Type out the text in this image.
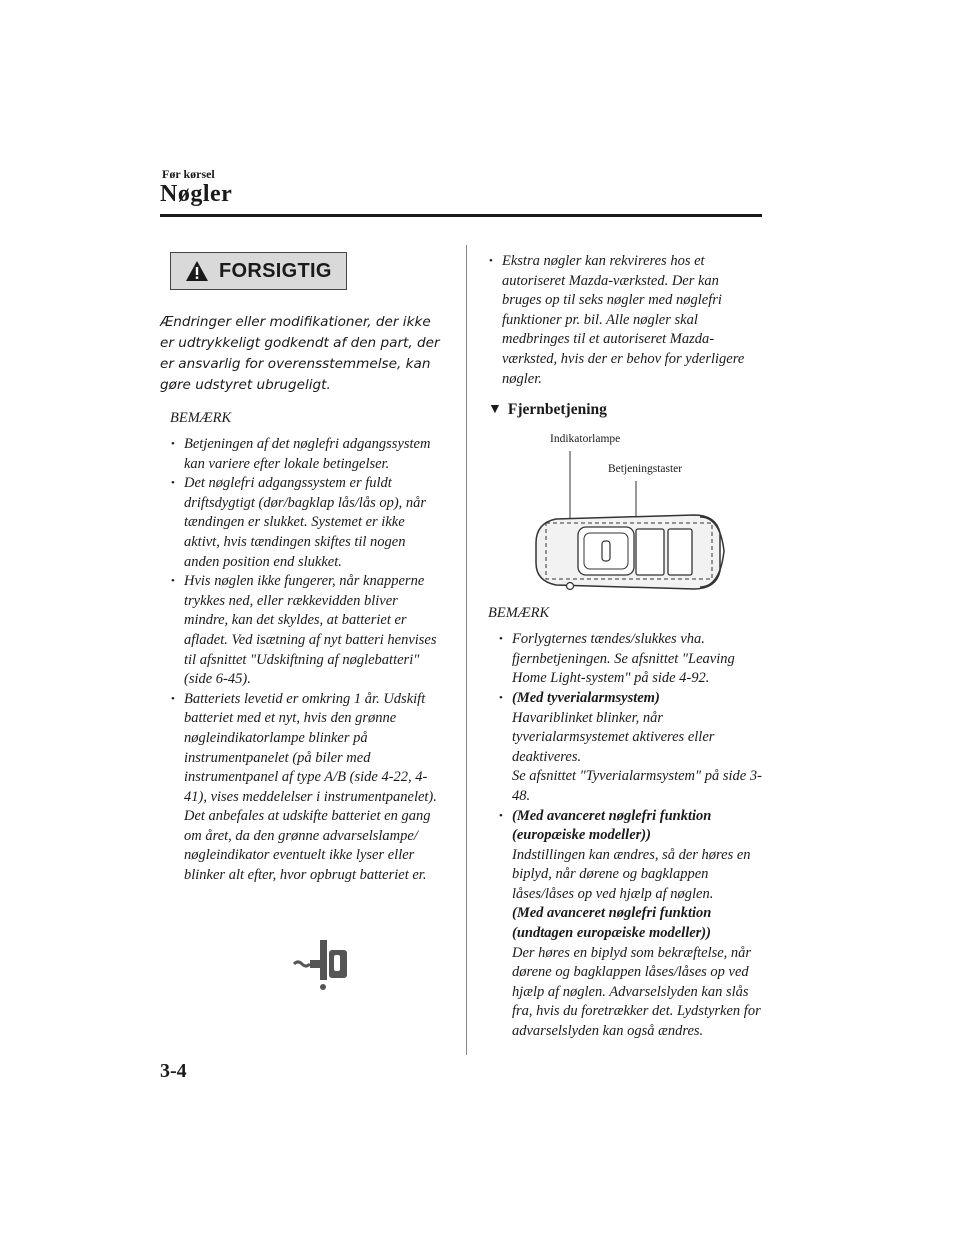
Før kørsel
Nøgler
FORSIGTIG
Ændringer eller modifikationer, der ikke er udtrykkeligt godkendt af den part, der er ansvarlig for overensstemmelse, kan gøre udstyret ubrugeligt.
BEMÆRK
• Betjeningen af det nøglefri adgangssystem kan variere efter lokale betingelser.
• Det nøglefri adgangssystem er fuldt driftsdygtigt (dør/bagklap lås/lås op), når tændingen er slukket. Systemet er ikke aktivt, hvis tændingen skiftes til nogen anden position end slukket.
• Hvis nøglen ikke fungerer, når knapperne trykkes ned, eller rækkevidden bliver mindre, kan det skyldes, at batteriet er afladet. Ved isætning af nyt batteri henvises til afsnittet "Udskiftning af nøglebatteri" (side 6-45).
• Batteriets levetid er omkring 1 år. Udskift batteriet med et nyt, hvis den grønne nøgleindikatorlampe blinker på instrumentpanelet (på biler med instrumentpanel af type A/B (side 4-22, 4-41), vises meddelelser i instrumentpanelet). Det anbefales at udskifte batteriet en gang om året, da den grønne advarselslampe/ nøgleindikator eventuelt ikke lyser eller blinker alt efter, hvor opbrugt batteriet er.
• Ekstra nøgler kan rekvireres hos et autoriseret Mazda-værksted. Der kan bruges op til seks nøgler med nøglefri funktioner pr. bil. Alle nøgler skal medbringes til et autoriseret Mazda-værksted, hvis der er behov for yderligere nøgler.
▼ Fjernbetjening
Indikatorlampe
Betjeningstaster
BEMÆRK
• Forlygternes tændes/slukkes vha. fjernbetjeningen. Se afsnittet "Leaving Home Light-system" på side 4-92.
• (Med tyverialarmsystem)
Havariblinket blinker, når tyverialarmsystemet aktiveres eller deaktiveres.
Se afsnittet "Tyverialarmsystem" på side 3-48.
• (Med avanceret nøglefri funktion (europæiske modeller))
Indstillingen kan ændres, så der høres en biplyd, når dørene og bagklappen låses/låses op ved hjælp af nøglen.
(Med avanceret nøglefri funktion (undtagen europæiske modeller))
Der høres en biplyd som bekræftelse, når dørene og bagklappen låses/låses op ved hjælp af nøglen. Advarselslyden kan slås fra, hvis du foretrækker det. Lydstyrken for advarselslyden kan også ændres.
3-4
